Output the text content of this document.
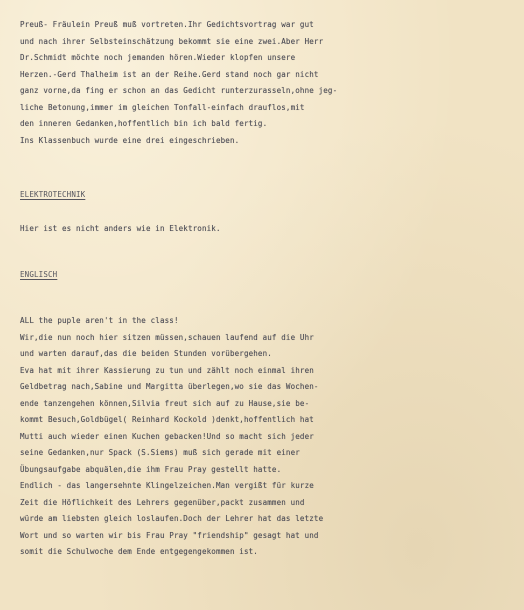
Preuß- Fräulein Preuß muß vortreten.Ihr Gedichtsvortrag war gut
und nach ihrer Selbsteinschätzung bekommt sie eine zwei.Aber Herr
Dr.Schmidt möchte noch jemanden hören.Wieder klopfen unsere
Herzen.-Gerd Thalheim ist an der Reihe.Gerd stand noch gar nicht
ganz vorne,da fing er schon an das Gedicht runterzurasseln,ohne jeg-
liche Betonung,immer im gleichen Tonfall-einfach drauflos,mit
den inneren Gedanken,hoffentlich bin ich bald fertig.
Ins Klassenbuch wurde eine drei eingeschrieben.
ELEKTROTECHNIK
Hier ist es nicht anders wie in Elektronik.
ENGLISCH
ALL the puple aren't in the class!
Wir,die nun noch hier sitzen müssen,schauen laufend auf die Uhr
und warten darauf,das die beiden Stunden vorübergehen.
Eva hat mit ihrer Kassierung zu tun und zählt noch einmal ihren
Geldbetrag nach,Sabine und Margitta überlegen,wo sie das Wochen-
ende tanzengehen können,Silvia freut sich auf zu Hause,sie be-
kommt Besuch,Goldbügel( Reinhard Kockold )denkt,hoffentlich hat
Mutti auch wieder einen Kuchen gebacken!Und so macht sich jeder
seine Gedanken,nur Spack (S.Siems) muß sich gerade mit einer
Übungsaufgabe abquälen,die ihm Frau Pray gestellt hatte.
Endlich - das langersehnte Klingelzeichen.Man vergißt für kurze
Zeit die Höflichkeit des Lehrers gegenüber,packt zusammen und
würde am liebsten gleich loslaufen.Doch der Lehrer hat das letzte
Wort und so warten wir bis Frau Pray "friendship" gesagt hat und
somit die Schulwoche dem Ende entgegengekommen ist.
